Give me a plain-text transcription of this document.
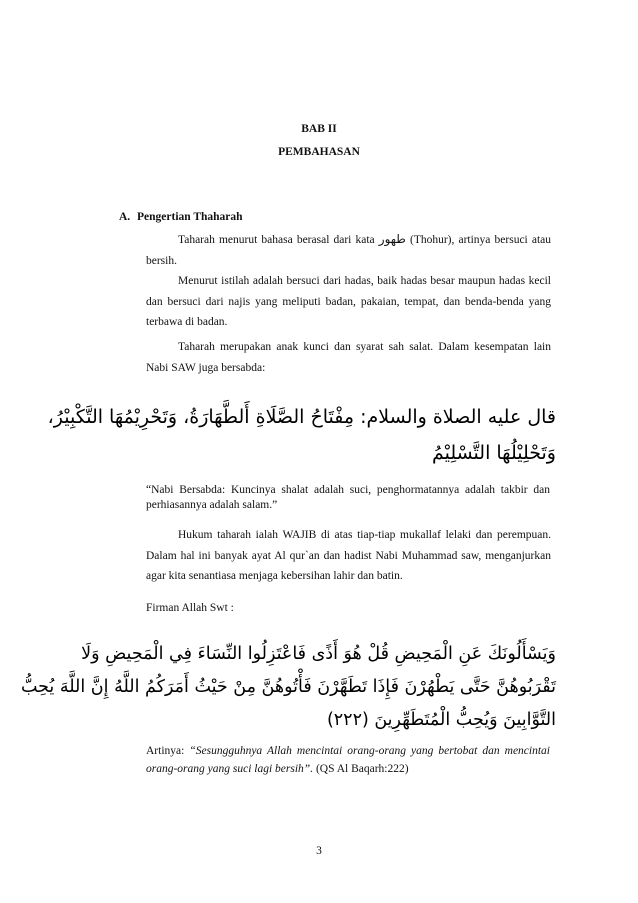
BAB II
PEMBAHASAN
A. Pengertian Thaharah
Taharah menurut bahasa berasal dari kata طهور (Thohur), artinya bersuci atau bersih.
Menurut istilah adalah bersuci dari hadas, baik hadas besar maupun hadas kecil dan bersuci dari najis yang meliputi badan, pakaian, tempat, dan benda-benda yang terbawa di badan.
Taharah merupakan anak kunci dan syarat sah salat. Dalam kesempatan lain Nabi SAW juga bersabda:
قال عليه الصلاة والسلام: مِفْتَاحُ الصَّلَاةِ أَلطَّهَارَةُ، وَتَحْرِيْمُهَا التَّكْبِيْرُ،
وَتَحْلِيْلُهَا التَّسْلِيْمُ
“Nabi Bersabda: Kuncinya shalat adalah suci, penghormatannya adalah takbir dan perhiasannya adalah salam.”
Hukum taharah ialah WAJIB di atas tiap-tiap mukallaf lelaki dan perempuan. Dalam hal ini banyak ayat Al qur`an dan hadist Nabi Muhammad saw, menganjurkan agar kita senantiasa menjaga kebersihan lahir dan batin.
Firman Allah Swt :
وَيَسْأَلُونَكَ عَنِ الْمَحِيضِ قُلْ هُوَ أَذًى فَاعْتَزِلُوا النِّسَاءَ فِي الْمَحِيضِ وَلَا
تَقْرَبُوهُنَّ حَتَّى يَطْهُرْنَ فَإِذَا تَطَهَّرْنَ فَأْتُوهُنَّ مِنْ حَيْثُ أَمَرَكُمُ اللَّهُ إِنَّ اللَّهَ يُحِبُّ
التَّوَّابِينَ وَيُحِبُّ الْمُتَطَهِّرِينَ (٢٢٢)
Artinya: “Sesungguhnya Allah mencintai orang-orang yang bertobat dan mencintai orang-orang yang suci lagi bersih”. (QS Al Baqarh:222)
3
